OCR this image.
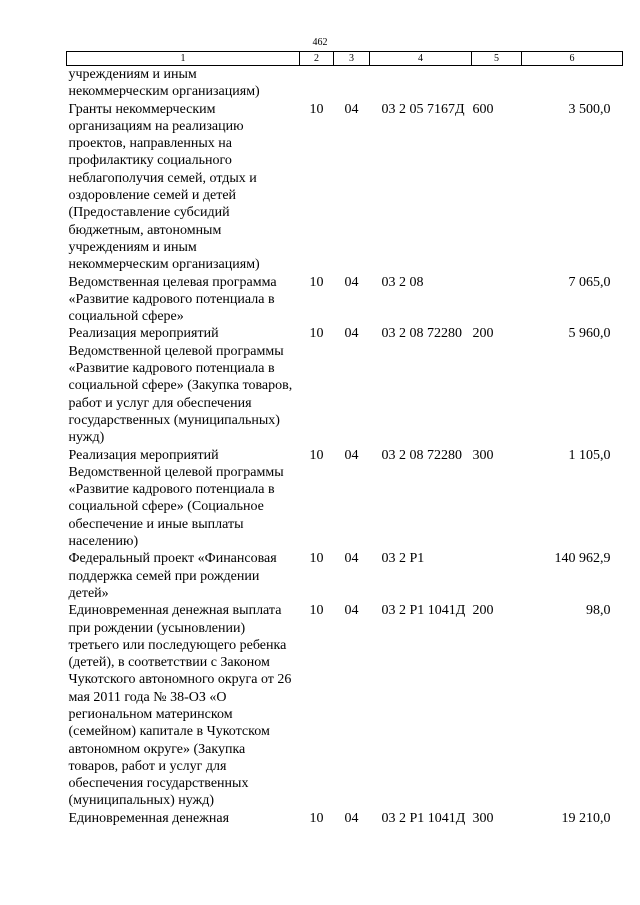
462
1	2	3	4	5	6
учреждениям и иным некоммерческим организациям)					
Гранты некоммерческим организациям на реализацию проектов, направленных на профилактику социального неблагополучия семей, отдых и оздоровление семей и детей (Предоставление субсидий бюджетным, автономным учреждениям и иным некоммерческим организациям)	10	04	03 2 05 7167Д	600	3 500,0
Ведомственная целевая программа «Развитие кадрового потенциала в социальной сфере»	10	04	03 2 08		7 065,0
Реализация мероприятий Ведомственной целевой программы «Развитие кадрового потенциала в социальной сфере» (Закупка товаров, работ и услуг для обеспечения государственных (муниципальных) нужд)	10	04	03 2 08 72280	200	5 960,0
Реализация мероприятий Ведомственной целевой программы «Развитие кадрового потенциала в социальной сфере» (Социальное обеспечение и иные выплаты населению)	10	04	03 2 08 72280	300	1 105,0
Федеральный проект «Финансовая поддержка семей при рождении детей»	10	04	03 2 P1		140 962,9
Единовременная денежная выплата при рождении (усыновлении) третьего или последующего ребенка (детей), в соответствии с Законом Чукотского автономного округа от 26 мая 2011 года № 38-ОЗ «О региональном материнском (семейном) капитале в Чукотском автономном округе» (Закупка товаров, работ и услуг для обеспечения государственных (муниципальных) нужд)	10	04	03 2 P1 1041Д	200	98,0
Единовременная денежная	10	04	03 2 P1 1041Д	300	19 210,0
